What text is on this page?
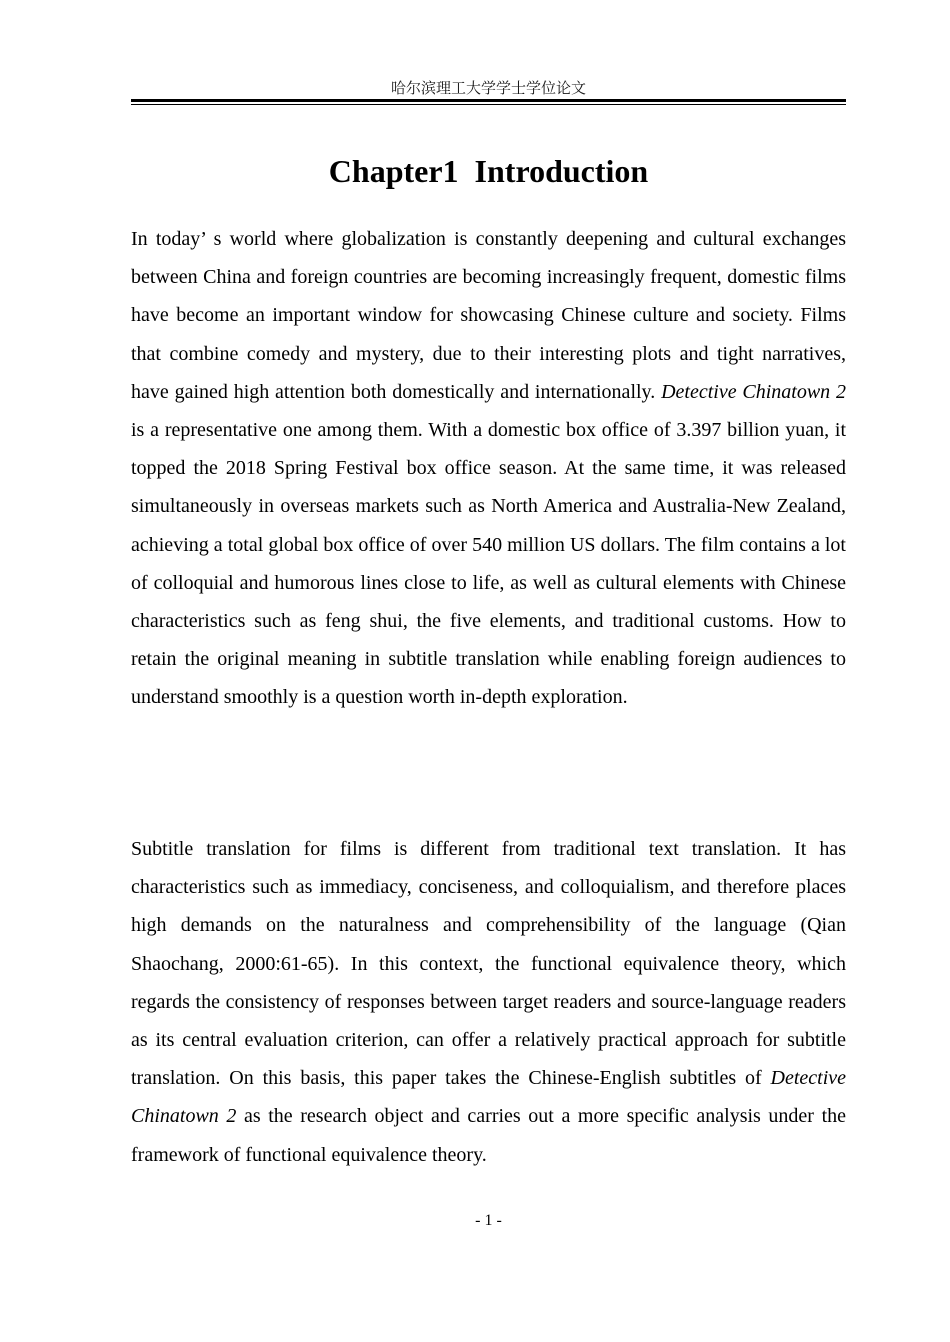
哈尔滨理工大学学士学位论文
Chapter1  Introduction

In today’ s world where globalization is constantly deepening and cultural exchanges between China and foreign countries are becoming increasingly frequent, domestic films have become an important window for showcasing Chinese culture and society. Films that combine comedy and mystery, due to their interesting plots and tight narratives, have gained high attention both domestically and internationally. Detective Chinatown 2 is a representative one among them. With a domestic box office of 3.397 billion yuan, it topped the 2018 Spring Festival box office season. At the same time, it was released simultaneously in overseas markets such as North America and Australia-New Zealand, achieving a total global box office of over 540 million US dollars. The film contains a lot of colloquial and humorous lines close to life, as well as cultural elements with Chinese characteristics such as feng shui, the five elements, and traditional customs. How to retain the original meaning in subtitle translation while enabling foreign audiences to understand smoothly is a question worth in-depth exploration.

Subtitle translation for films is different from traditional text translation. It has characteristics such as immediacy, conciseness, and colloquialism, and therefore places high demands on the naturalness and comprehensibility of the language (Qian Shaochang, 2000:61-65). In this context, the functional equivalence theory, which regards the consistency of responses between target readers and source-language readers as its central evaluation criterion, can offer a relatively practical approach for subtitle translation. On this basis, this paper takes the Chinese-English subtitles of Detective Chinatown 2 as the research object and carries out a more specific analysis under the framework of functional equivalence theory.

- 1 -
